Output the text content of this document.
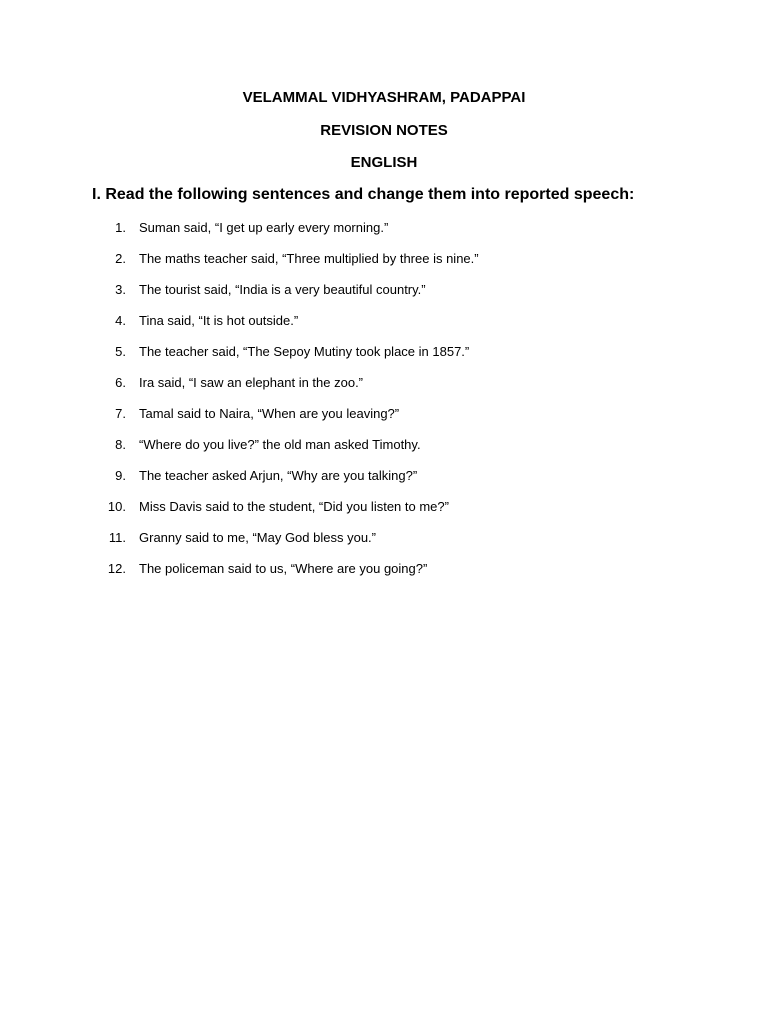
VELAMMAL VIDHYASHRAM, PADAPPAI
REVISION NOTES
ENGLISH
I. Read the following sentences and change them into reported speech:
1. Suman said, “I get up early every morning.”
2. The maths teacher said, “Three multiplied by three is nine.”
3. The tourist said, “India is a very beautiful country.”
4. Tina said, “It is hot outside.”
5. The teacher said, “The Sepoy Mutiny took place in 1857.”
6. Ira said, “I saw an elephant in the zoo.”
7. Tamal said to Naira, “When are you leaving?”
8. “Where do you live?” the old man asked Timothy.
9. The teacher asked Arjun, “Why are you talking?”
10. Miss Davis said to the student, “Did you listen to me?”
11. Granny said to me, “May God bless you.”
12. The policeman said to us, “Where are you going?”
